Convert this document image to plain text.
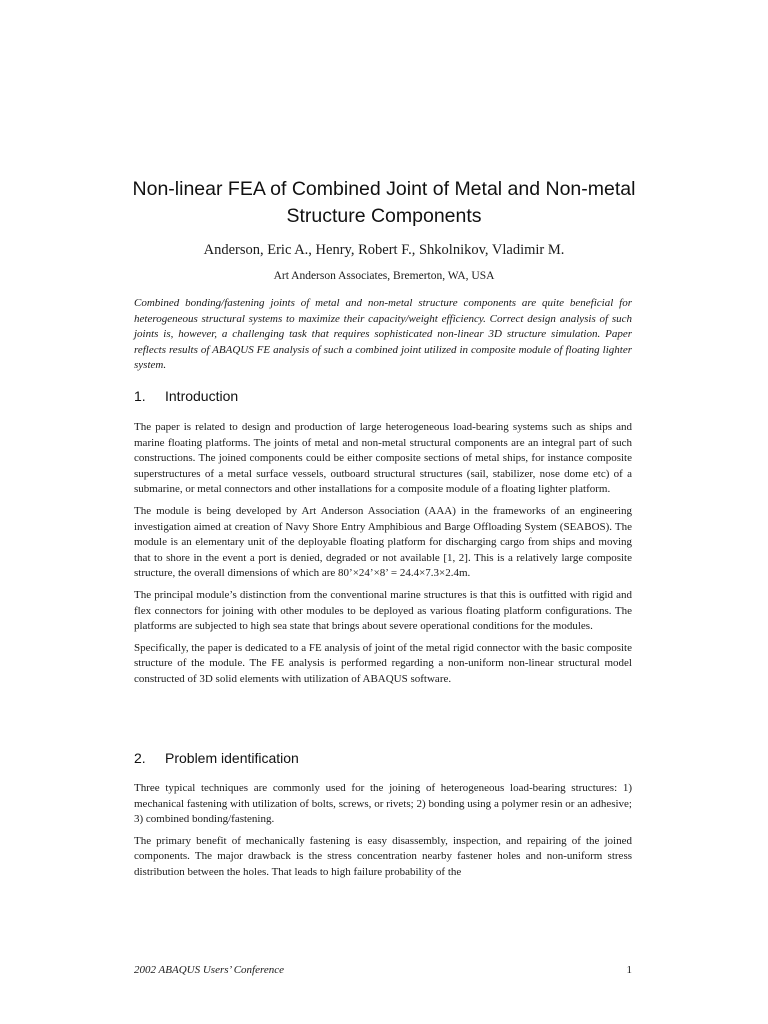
Non-linear FEA of Combined Joint of Metal and Non-metal Structure Components

Anderson, Eric A., Henry, Robert F., Shkolnikov, Vladimir M.

Art Anderson Associates, Bremerton, WA, USA

Combined bonding/fastening joints of metal and non-metal structure components are quite beneficial for heterogeneous structural systems to maximize their capacity/weight efficiency. Correct design analysis of such joints is, however, a challenging task that requires sophisticated non-linear 3D structure simulation. Paper reflects results of ABAQUS FE analysis of such a combined joint utilized in composite module of floating lighter system.

1. Introduction

The paper is related to design and production of large heterogeneous load-bearing systems such as ships and marine floating platforms. The joints of metal and non-metal structural components are an integral part of such constructions. The joined components could be either composite sections of metal ships, for instance composite superstructures of a metal surface vessels, outboard structural structures (sail, stabilizer, nose dome etc) of a submarine, or metal connectors and other installations for a composite module of a floating lighter platform.

The module is being developed by Art Anderson Association (AAA) in the frameworks of an engineering investigation aimed at creation of Navy Shore Entry Amphibious and Barge Offloading System (SEABOS). The module is an elementary unit of the deployable floating platform for discharging cargo from ships and moving that to shore in the event a port is denied, degraded or not available [1, 2]. This is a relatively large composite structure, the overall dimensions of which are 80’×24’×8’ = 24.4×7.3×2.4m.

The principal module’s distinction from the conventional marine structures is that this is outfitted with rigid and flex connectors for joining with other modules to be deployed as various floating platform configurations. The platforms are subjected to high sea state that brings about severe operational conditions for the modules.

Specifically, the paper is dedicated to a FE analysis of joint of the metal rigid connector with the basic composite structure of the module. The FE analysis is performed regarding a non-uniform non-linear structural model constructed of 3D solid elements with utilization of ABAQUS software.

2. Problem identification

Three typical techniques are commonly used for the joining of heterogeneous load-bearing structures: 1) mechanical fastening with utilization of bolts, screws, or rivets; 2) bonding using a polymer resin or an adhesive; 3) combined bonding/fastening.

The primary benefit of mechanically fastening is easy disassembly, inspection, and repairing of the joined components. The major drawback is the stress concentration nearby fastener holes and non-uniform stress distribution between the holes. That leads to high failure probability of the

2002 ABAQUS Users’ Conference	1
